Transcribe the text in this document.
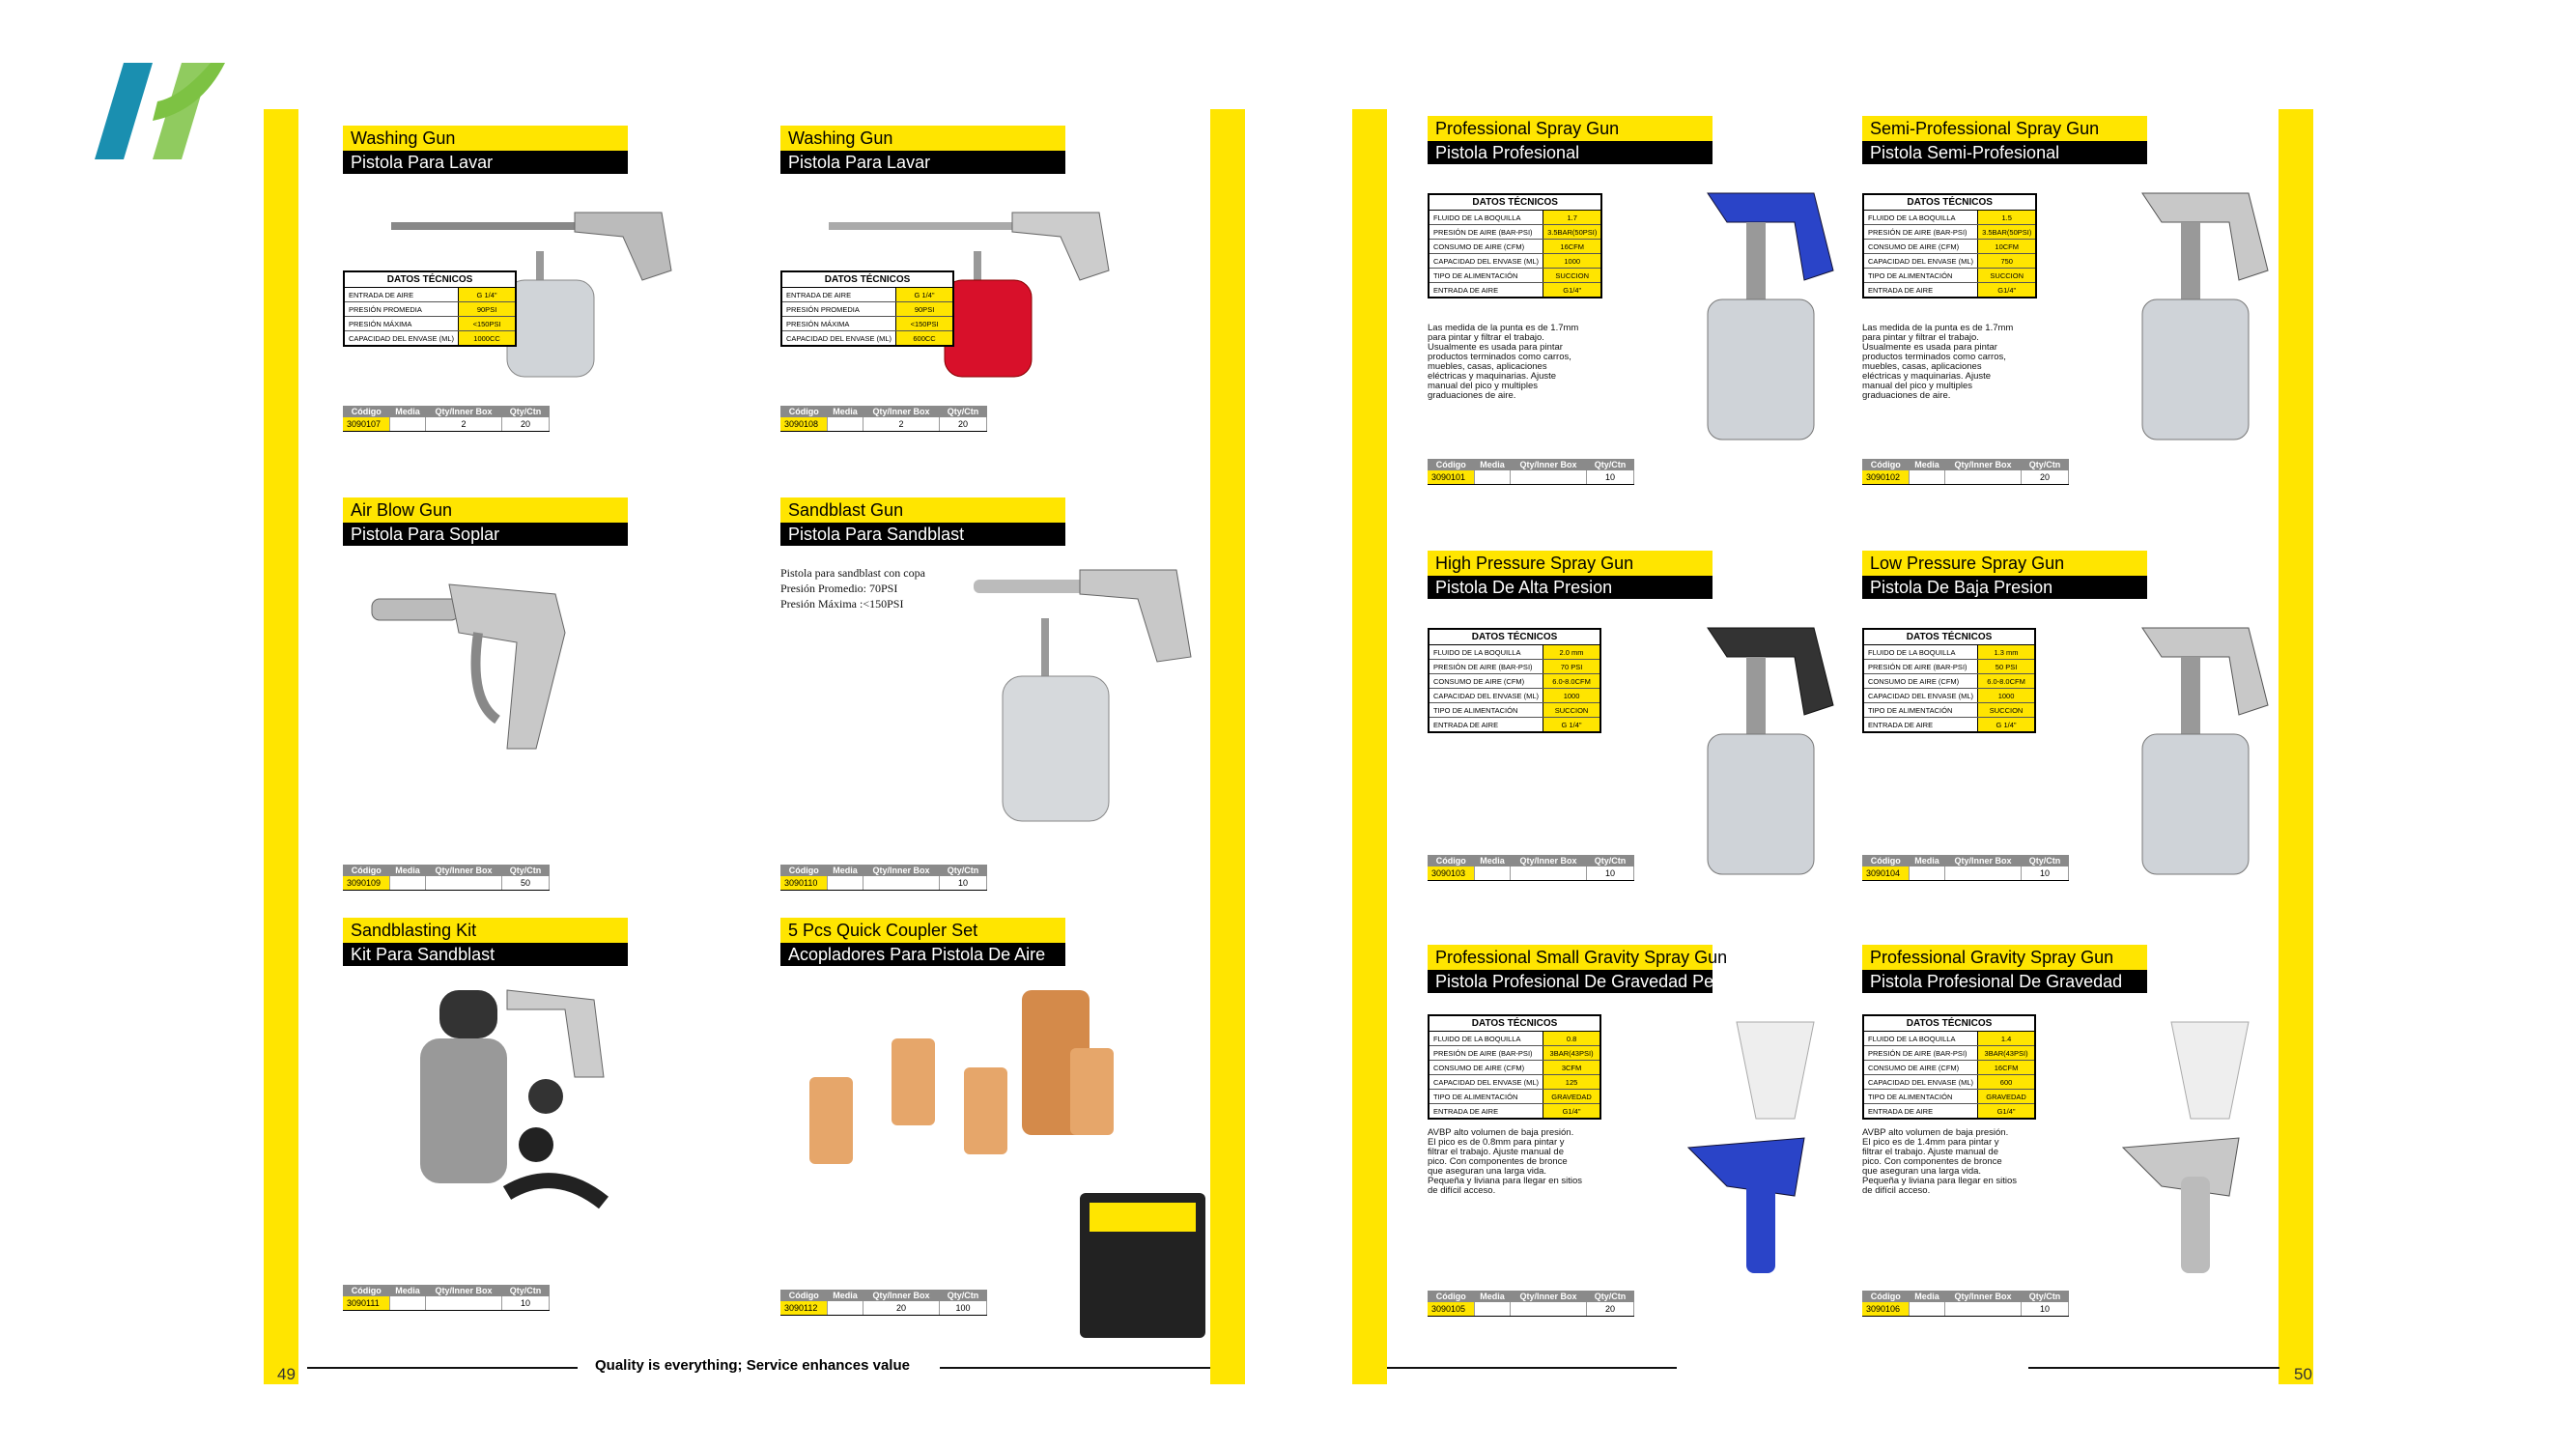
Washing Gun
Pistola Para Lavar
DATOS TÉCNICOS	
ENTRADA DE AIRE	G 1/4"
PRESIÓN PROMEDIA	90PSI
PRESIÓN MÁXIMA	<150PSI
CAPACIDAD DEL ENVASE (ML)	1000CC
Código	Media	Qty/Inner Box	Qty/Ctn
3090107		2	20
Washing Gun
Pistola Para Lavar
DATOS TÉCNICOS	
ENTRADA DE AIRE	G 1/4"
PRESIÓN PROMEDIA	90PSI
PRESIÓN MÁXIMA	<150PSI
CAPACIDAD DEL ENVASE (ML)	600CC
Código	Media	Qty/Inner Box	Qty/Ctn
3090108		2	20
Air Blow Gun
Pistola Para Soplar
Código	Media	Qty/Inner Box	Qty/Ctn
3090109			50
Sandblast Gun
Pistola Para Sandblast
Pistola para sandblast con copa
Presión Promedio: 70PSI
Presión Máxima :<150PSI
Código	Media	Qty/Inner Box	Qty/Ctn
3090110			10
Sandblasting Kit
Kit Para Sandblast
Código	Media	Qty/Inner Box	Qty/Ctn
3090111			10
5 Pcs Quick Coupler Set
Acopladores Para Pistola De Aire
Código	Media	Qty/Inner Box	Qty/Ctn
3090112		20	100
Professional Spray Gun
Pistola Profesional
DATOS TÉCNICOS	
FLUIDO DE LA BOQUILLA	1.7
PRESIÓN DE AIRE (BAR-PSI)	3.5BAR(50PSI)
CONSUMO DE AIRE (CFM)	16CFM
CAPACIDAD DEL ENVASE (ML)	1000
TIPO DE ALIMENTACIÓN	SUCCION
ENTRADA DE AIRE	G1/4"
Las medida de la punta es de 1.7mm para pintar y filtrar el trabajo. Usualmente es usada para pintar productos terminados como carros, muebles, casas, aplicaciones eléctricas y maquinarias. Ajuste manual del pico y multiples graduaciones de aire.
Código	Media	Qty/Inner Box	Qty/Ctn
3090101			10
Semi-Professional Spray Gun
Pistola Semi-Profesional
DATOS TÉCNICOS	
FLUIDO DE LA BOQUILLA	1.5
PRESIÓN DE AIRE (BAR-PSI)	3.5BAR(50PSI)
CONSUMO DE AIRE (CFM)	10CFM
CAPACIDAD DEL ENVASE (ML)	750
TIPO DE ALIMENTACIÓN	SUCCION
ENTRADA DE AIRE	G1/4"
Las medida de la punta es de 1.7mm para pintar y filtrar el trabajo. Usualmente es usada para pintar productos terminados como carros, muebles, casas, aplicaciones eléctricas y maquinarias. Ajuste manual del pico y multiples graduaciones de aire.
Código	Media	Qty/Inner Box	Qty/Ctn
3090102			20
High Pressure Spray Gun
Pistola De Alta Presion
DATOS TÉCNICOS	
FLUIDO DE LA BOQUILLA	2.0 mm
PRESIÓN DE AIRE (BAR-PSI)	70 PSI
CONSUMO DE AIRE (CFM)	6.0-8.0CFM
CAPACIDAD DEL ENVASE (ML)	1000
TIPO DE ALIMENTACIÓN	SUCCION
ENTRADA DE AIRE	G 1/4"
Código	Media	Qty/Inner Box	Qty/Ctn
3090103			10
Low Pressure Spray Gun
Pistola De Baja Presion
DATOS TÉCNICOS	
FLUIDO DE LA BOQUILLA	1.3 mm
PRESIÓN DE AIRE (BAR-PSI)	50 PSI
CONSUMO DE AIRE (CFM)	6.0-8.0CFM
CAPACIDAD DEL ENVASE (ML)	1000
TIPO DE ALIMENTACIÓN	SUCCION
ENTRADA DE AIRE	G 1/4"
Código	Media	Qty/Inner Box	Qty/Ctn
3090104			10
Professional Small Gravity Spray Gun
Pistola Profesional De Gravedad Pequena
DATOS TÉCNICOS	
FLUIDO DE LA BOQUILLA	0.8
PRESIÓN DE AIRE (BAR-PSI)	3BAR(43PSI)
CONSUMO DE AIRE (CFM)	3CFM
CAPACIDAD DEL ENVASE (ML)	125
TIPO DE ALIMENTACIÓN	GRAVEDAD
ENTRADA DE AIRE	G1/4"
AVBP alto volumen de baja presión. El pico es de 0.8mm para pintar y filtrar el trabajo. Ajuste manual de pico. Con componentes de bronce que aseguran una larga vida. Pequeña y liviana para llegar en sitios de difícil acceso.
Código	Media	Qty/Inner Box	Qty/Ctn
3090105			20
Professional Gravity Spray Gun
Pistola Profesional De Gravedad
DATOS TÉCNICOS	
FLUIDO DE LA BOQUILLA	1.4
PRESIÓN DE AIRE (BAR-PSI)	3BAR(43PSI)
CONSUMO DE AIRE (CFM)	16CFM
CAPACIDAD DEL ENVASE (ML)	600
TIPO DE ALIMENTACIÓN	GRAVEDAD
ENTRADA DE AIRE	G1/4"
AVBP alto volumen de baja presión. El pico es de 1.4mm para pintar y filtrar el trabajo. Ajuste manual de pico. Con componentes de bronce que aseguran una larga vida. Pequeña y liviana para llegar en sitios de difícil acceso.
Código	Media	Qty/Inner Box	Qty/Ctn
3090106			10
49	Quality is everything; Service enhances value	50
